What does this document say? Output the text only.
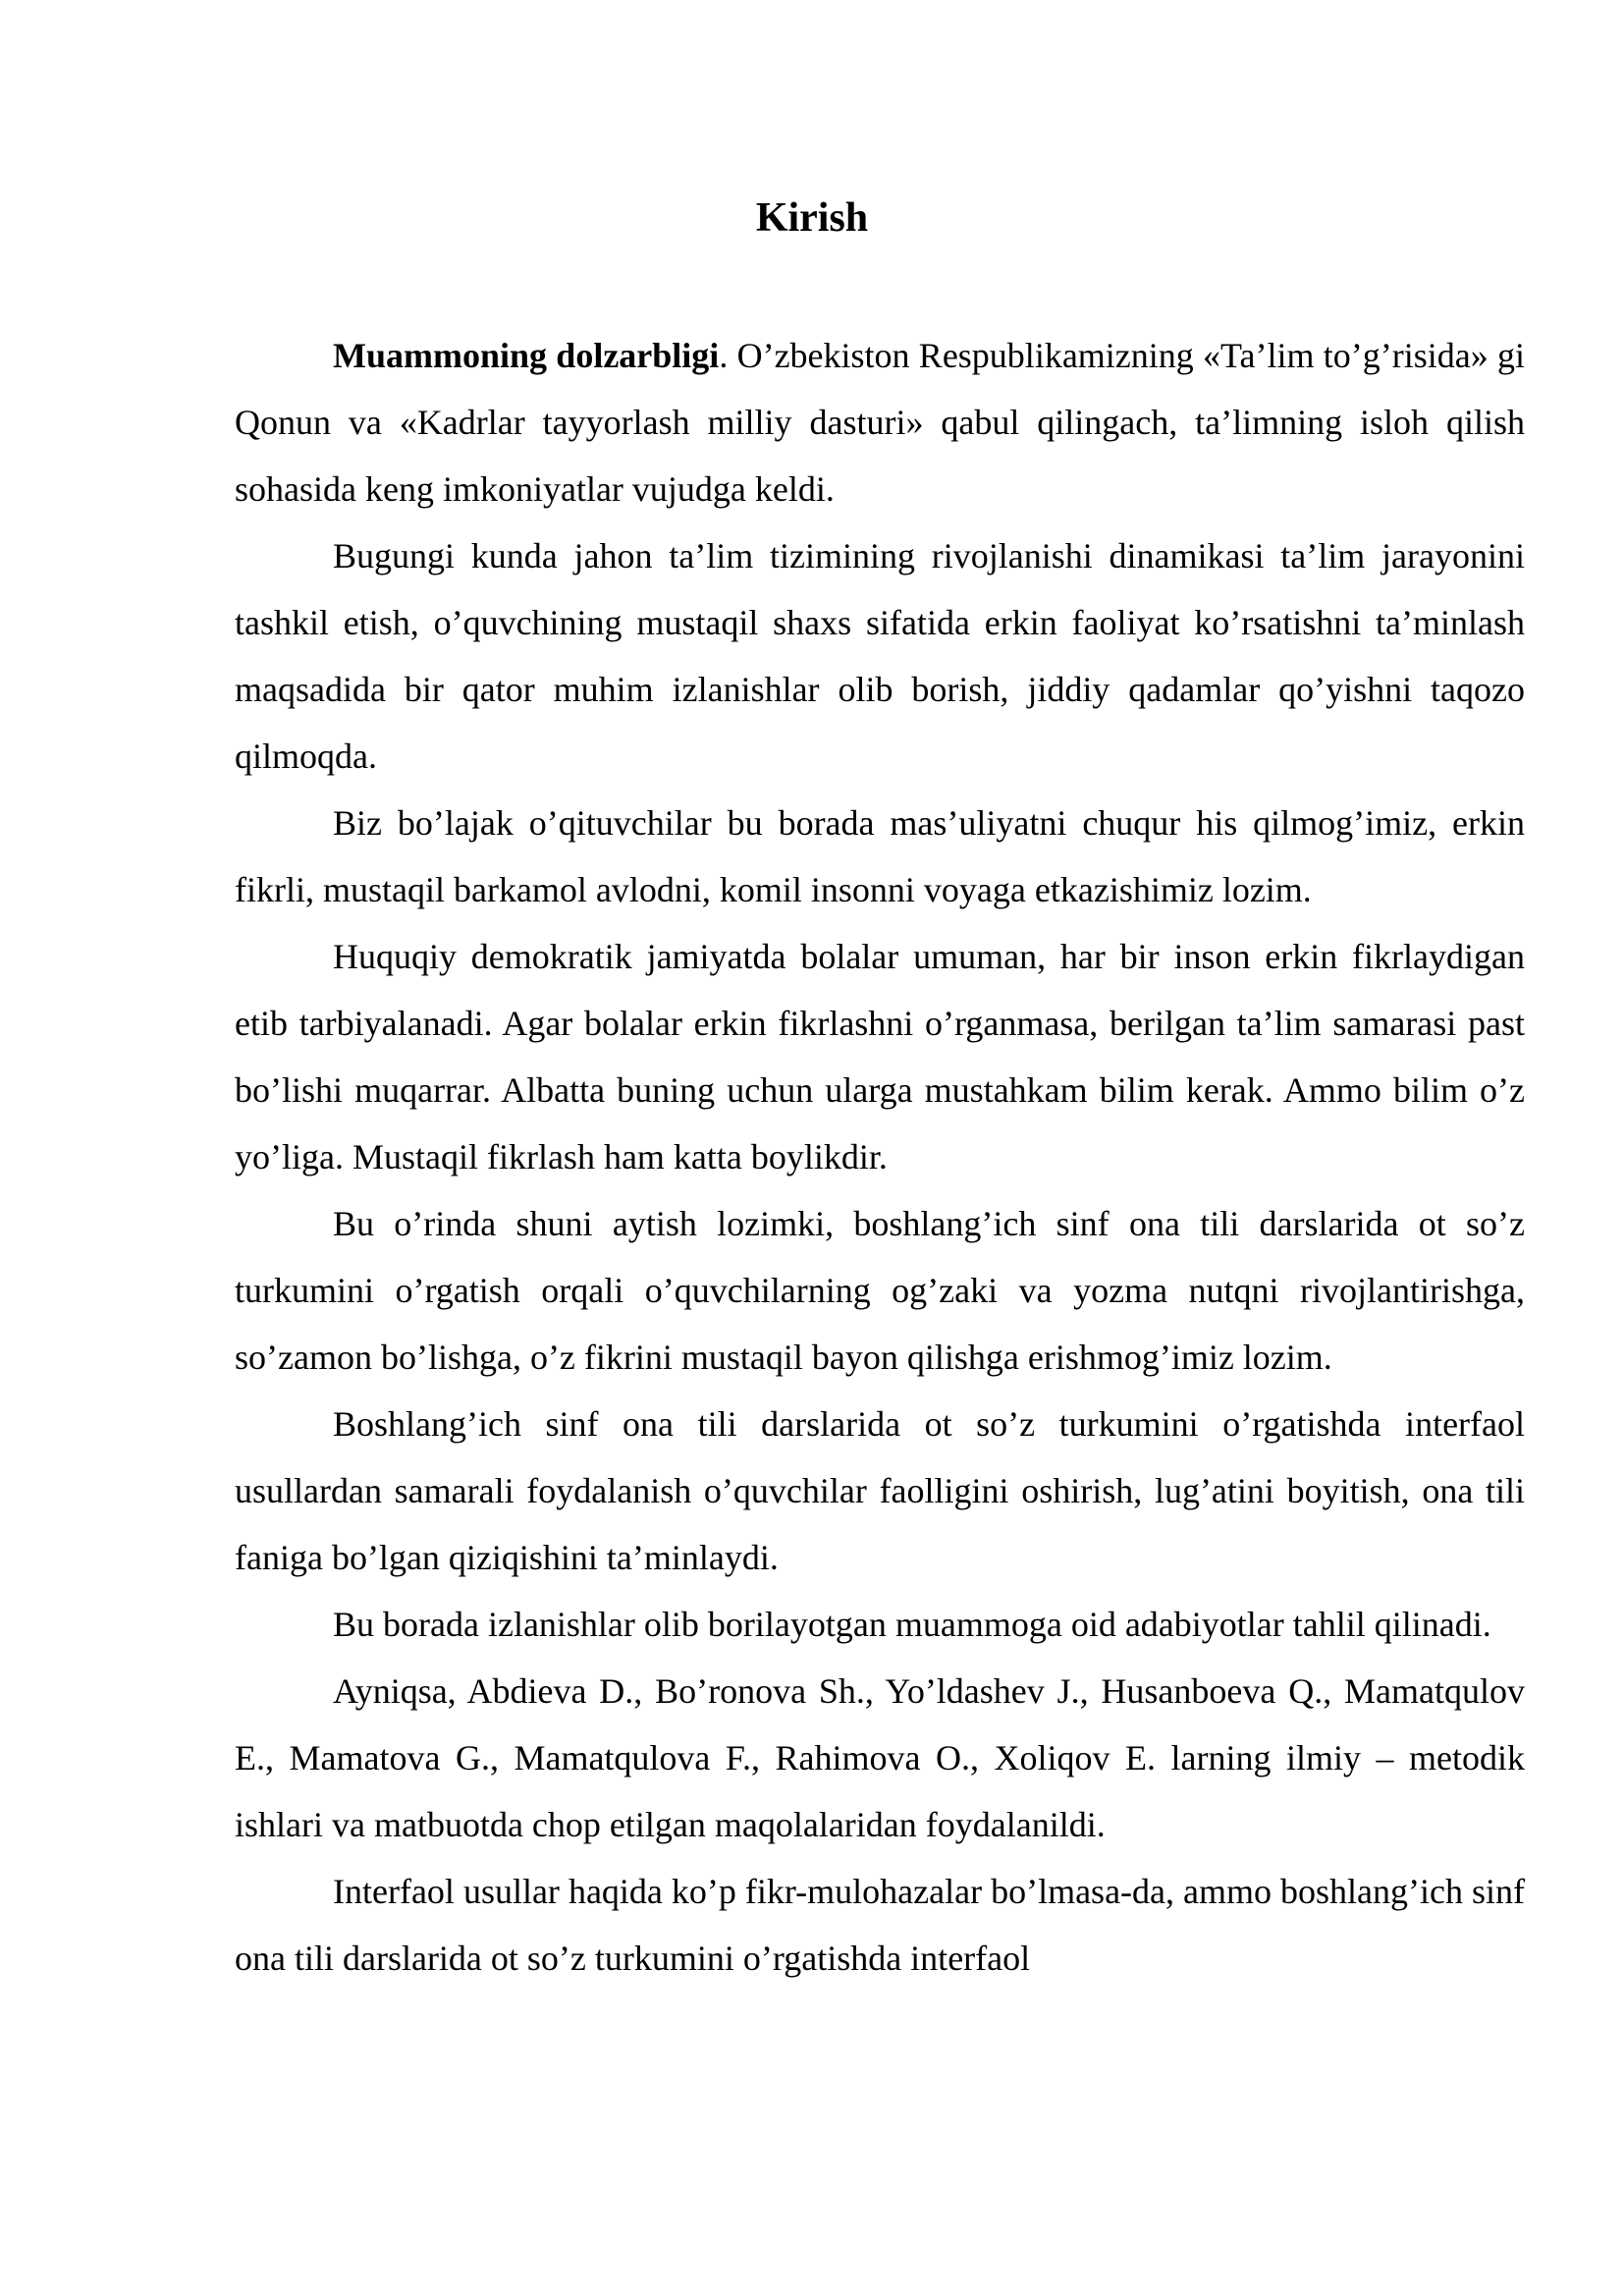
Kirish

Muammoning dolzarbligi. O’zbekiston Respublikamizning «Ta’lim to’g’risida» gi Qonun va «Kadrlar tayyorlash milliy dasturi» qabul qilingach, ta’limning isloh qilish sohasida keng imkoniyatlar vujudga keldi.

Bugungi kunda jahon ta’lim tizimining rivojlanishi dinamikasi ta’lim jarayonini tashkil etish, o’quvchining mustaqil shaxs sifatida erkin faoliyat ko’rsatishni ta’minlash maqsadida bir qator muhim izlanishlar olib borish, jiddiy qadamlar qo’yishni taqozo qilmoqda.

Biz bo’lajak o’qituvchilar bu borada mas’uliyatni chuqur his qilmog’imiz, erkin fikrli, mustaqil barkamol avlodni, komil insonni voyaga etkazishimiz lozim.

Huquqiy demokratik jamiyatda bolalar umuman, har bir inson erkin fikrlaydigan etib tarbiyalanadi. Agar bolalar erkin fikrlashni o’rganmasa, berilgan ta’lim samarasi past bo’lishi muqarrar. Albatta buning uchun ularga mustahkam bilim kerak. Ammo bilim o’z yo’liga. Mustaqil fikrlash ham katta boylikdir.

Bu o’rinda shuni aytish lozimki, boshlang’ich sinf ona tili darslarida ot so’z turkumini o’rgatish orqali o’quvchilarning og’zaki va yozma nutqni rivojlantirishga, so’zamon bo’lishga, o’z fikrini mustaqil bayon qilishga erishmog’imiz lozim.

Boshlang’ich sinf ona tili darslarida ot so’z turkumini o’rgatishda interfaol usullardan samarali foydalanish o’quvchilar faolligini oshirish, lug’atini boyitish, ona tili faniga bo’lgan qiziqishini ta’minlaydi.

Bu borada izlanishlar olib borilayotgan muammoga oid adabiyotlar tahlil qilinadi.

Ayniqsa, Abdieva D., Bo’ronova Sh., Yo’ldashev J., Husanboeva Q., Mamatqulov E., Mamatova G., Mamatqulova F., Rahimova O., Xoliqov E. larning ilmiy – metodik ishlari va matbuotda chop etilgan maqolalaridan foydalanildi.

Interfaol usullar haqida ko’p fikr-mulohazalar bo’lmasa-da, ammo boshlang’ich sinf ona tili darslarida ot so’z turkumini o’rgatishda interfaol
